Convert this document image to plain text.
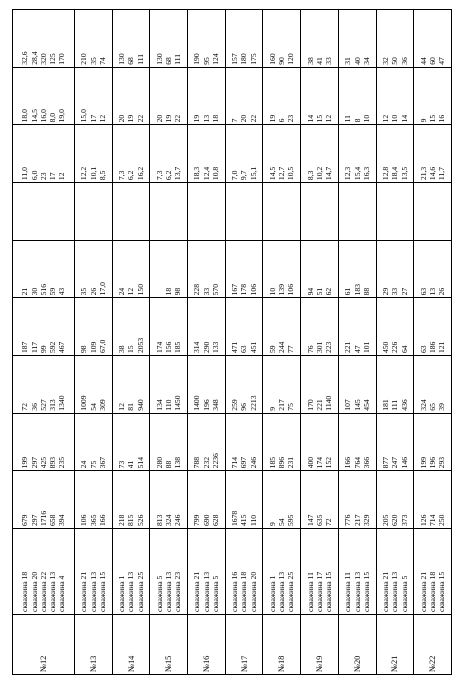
№12	скважина 18 скважина 20 скважина 22 скважина 13 скважина 4	679 297 1716 658 394	199 297 425 893 235	72 36 527 313 1340	187 117 99 592 467	21 30 516 59 43		11,0 6,0 23 17 12	18,0 14,5 16,0 8,0 19,0	32,6 28,4 320 125 170

№13	скважина 21 скважина 13 скважина 15	106 365 166	24 75 367	1009 54 309	98 109 67,0	35 26 17,0		12,2 10,1 8,5	15,0 17 12	210 35 74

№14	скважина 1 скважина 13 скважина 25	218 815 526	73 41 514	12 81 940	38 15 2053	24 12 150		7,3 6,2 16,2	20 19 22	130 68 111

№15	скважина 5 скважина 13 скважина 23	813 324 246	280 88 138	134 110 1450	174 156 185	18 98		7,3 6,2 13,7	20 19 22	130 68 111

№16	скважина 21 скважина 13 скважина 5	799 690 628	788 232 2236	1400 196 348	314 290 133	228 33 570		18,3 12,4 10,8	19 13 18	190 95 124

№17	скважина 16 скважина 18 скважина 20	1678 415 110	714 697 246	259 96 2213	471 63 451	167 178 106		7,0 9,7 15,1	7 20 22	157 180 175

№18	скважина 1 скважина 13 скважина 25	9 54 595	185 896 231	9 217 75	59 244 77	10 139 106		14,5 12,7 10,5	19 6 23	160 90 120

№19	скважина 11 скважина 17 скважина 15	147 635 72	400 174 152	170 221 1140	76 301 223	94 51 62		8,3 10,2 14,7	14 15 12	38 41 33

№20	скважина 11 скважина 13 скважина 15	776 217 329	166 764 366	107 145 454	221 47 101	61 183 88		12,3 15,4 16,3	11 8 10	31 40 34

№21	скважина 21 скважина 13 скважина 5	205 620 373	877 247 146	181 111 436	450 226 64	29 33 27		12,8 18,4 13,5	12 10 14	32 50 36

№22	скважина 21 скважина 18 скважина 15	126 714 250	199 196 293	324 65 39	63 186 121	63 13 26		21,3 14,6 11,7	9 15 16	44 60 47
